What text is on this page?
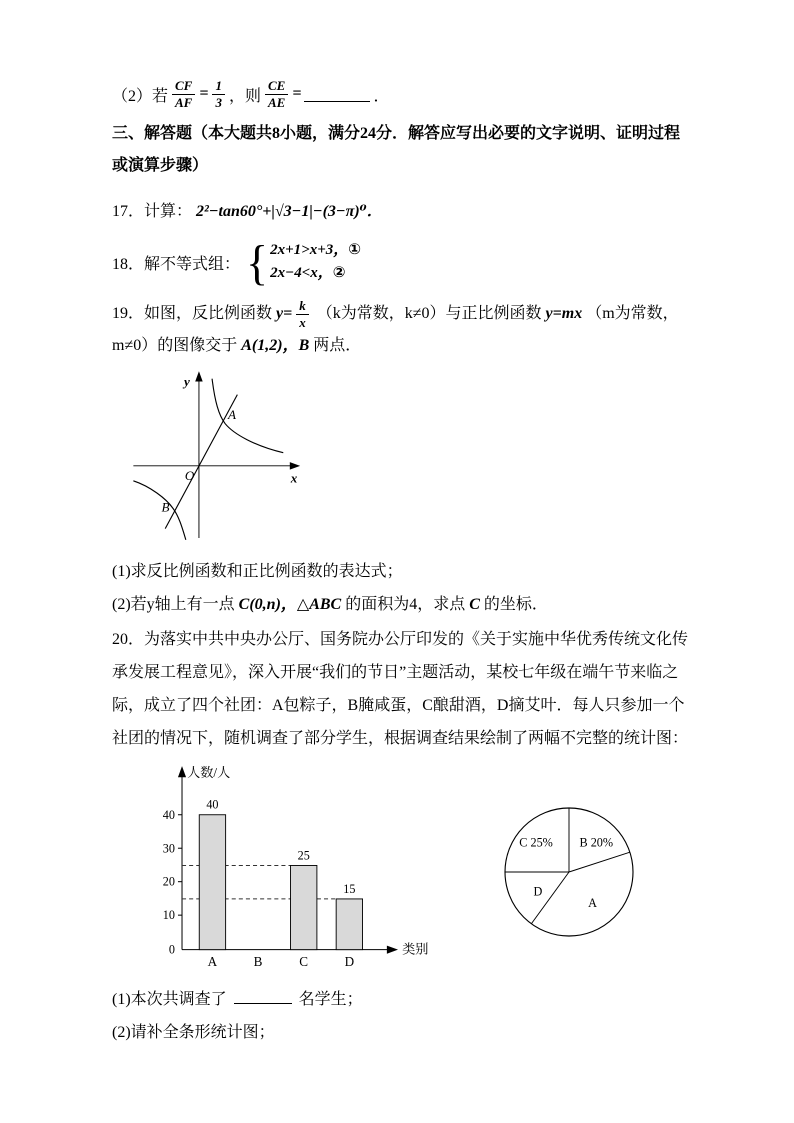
（2）若 $\frac{CF}{AF} = \frac{1}{3}$ ，则 $\frac{CE}{AE}$ =	．
三、解答题（本大题共8小题，满分24分．解答应写出必要的文字说明、证明过程或演算步骤）
17．计算： 2²−tan60°+|√3−1|−(3−π)⁰．
18．解不等式组： { 2x+1>x+3，①
2x−4<x，②
19．如图，反比例函数 $y= \frac{k}{x} (k$为常数，k≠0）与正比例函数 y=mx （m为常数，m≠0）的图像交于 A(1,2)，B 两点．
y
x
O
A
B
(1)求反比例函数和正比例函数的表达式；
(2)若y轴上有一点 C(0,n)，△ABC 的面积为4，求点 C 的坐标．
20．为落实中共中央办公厅、国务院办公厅印发的《关于实施中华优秀传统文化传承发展工程意见》，深入开展“我们的节日”主题活动，某校七年级在端午节来临之际，成立了四个社团：A包粽子，B腌咸蛋，C酿甜酒，D摘艾叶．每人只参加一个社团的情况下，随机调查了部分学生，根据调查结果绘制了两幅不完整的统计图：
人数/人
类别
40
30
20
10
0
40
25
15
A	B	C	D
C 25% B 20%
D
A
(1)本次共调查了	名学生；
(2)请补全条形统计图；
